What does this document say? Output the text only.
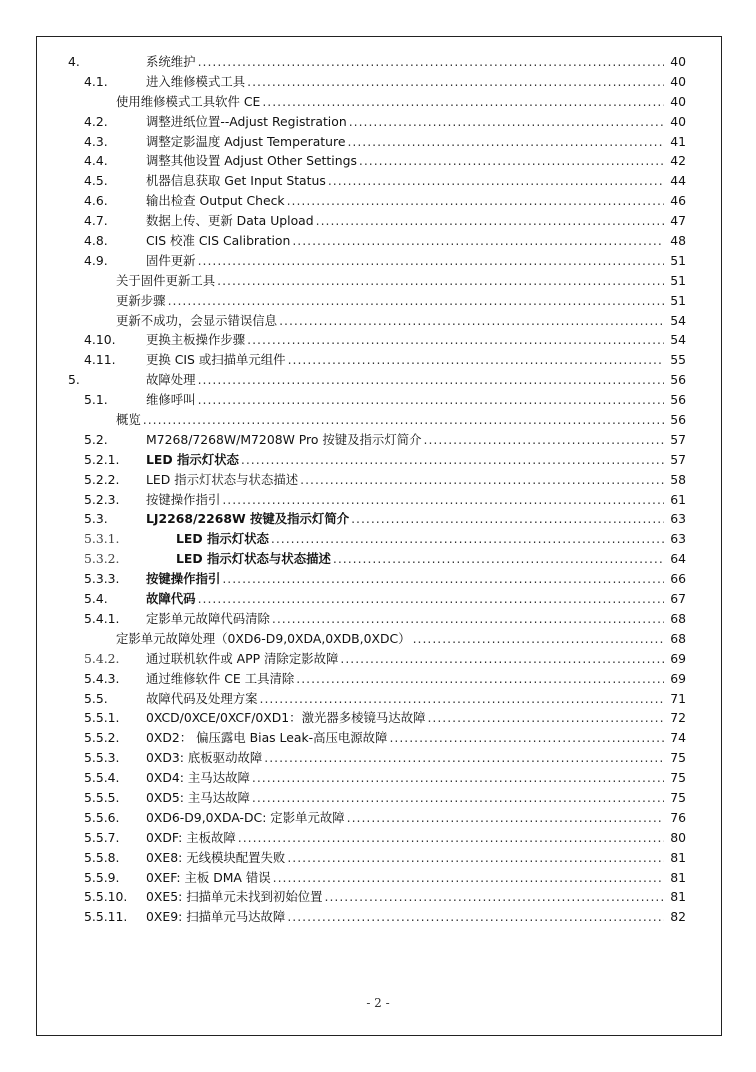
4.	系统维护 .....	40
4.1.	进入维修模式工具 .....	40
使用维修模式工具软件 CE .....	40
4.2.	调整进纸位置--Adjust Registration .....	40
4.3.	调整定影温度 Adjust Temperature .....	41
4.4.	调整其他设置 Adjust Other Settings .....	42
4.5.	机器信息获取 Get Input Status .....	44
4.6.	输出检查 Output Check .....	46
4.7.	数据上传、更新 Data Upload .....	47
4.8.	CIS 校准 CIS Calibration .....	48
4.9.	固件更新 .....	51
关于固件更新工具 .....	51
更新步骤 .....	51
更新不成功，会显示错误信息 .....	54
4.10.	更换主板操作步骤 .....	54
4.11.	更换 CIS 或扫描单元组件 .....	55
5.	故障处理 .....	56
5.1.	维修呼叫 .....	56
概览 .....	56
5.2.	M7268/7268W/M7208W Pro 按键及指示灯简介 .....	57
5.2.1.	LED 指示灯状态 .....	57
5.2.2.	LED 指示灯状态与状态描述 .....	58
5.2.3.	按键操作指引 .....	61
5.3.	LJ2268/2268W 按键及指示灯简介 .....	63
5.3.1.	LED 指示灯状态 .....	63
5.3.2.	LED 指示灯状态与状态描述 .....	64
5.3.3.	按键操作指引 .....	66
5.4.	故障代码 .....	67
5.4.1.	定影单元故障代码清除 .....	68
定影单元故障处理（0XD6-D9,0XDA,0XDB,0XDC） .....	68
5.4.2.	通过联机软件或 APP 清除定影故障 .....	69
5.4.3.	通过维修软件 CE 工具清除 .....	69
5.5.	故障代码及处理方案 .....	71
5.5.1.	0XCD/0XCE/0XCF/0XD1：激光器多棱镜马达故障 .....	72
5.5.2.	0XD2： 偏压露电 Bias Leak-高压电源故障 .....	74
5.5.3.	0XD3: 底板驱动故障 .....	75
5.5.4.	0XD4: 主马达故障 .....	75
5.5.5.	0XD5: 主马达故障 .....	75
5.5.6.	0XD6-D9,0XDA-DC: 定影单元故障 .....	76
5.5.7.	0XDF: 主板故障 .....	80
5.5.8.	0XE8: 无线模块配置失败 .....	81
5.5.9.	0XEF: 主板 DMA 错误 .....	81
5.5.10.	0XE5: 扫描单元未找到初始位置 .....	81
5.5.11.	0XE9: 扫描单元马达故障 .....	82
- 2 -
